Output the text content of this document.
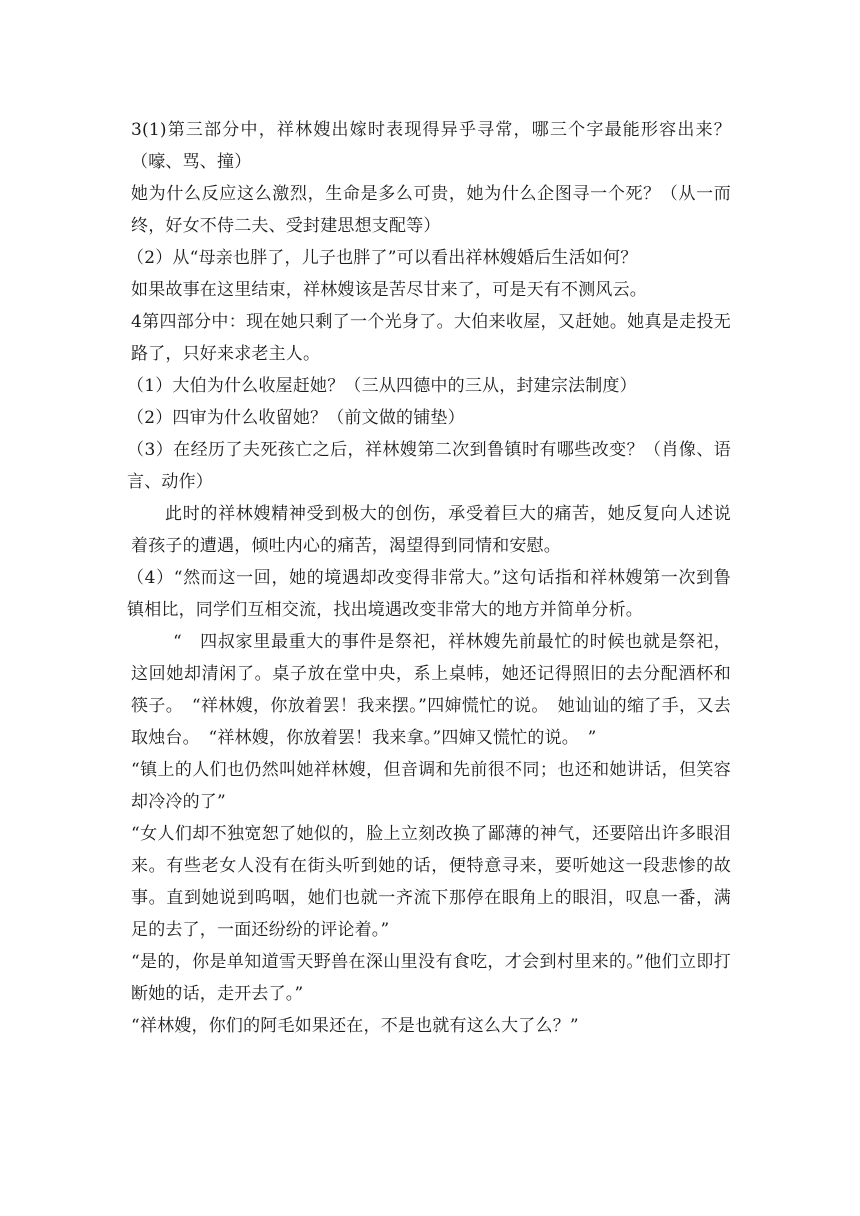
3(1)第三部分中，祥林嫂出嫁时表现得异乎寻常，哪三个字最能形容出来？（嚎、骂、撞）

她为什么反应这么激烈，生命是多么可贵，她为什么企图寻一个死？（从一而终，好女不侍二夫、受封建思想支配等）

（2）从“母亲也胖了，儿子也胖了”可以看出祥林嫂婚后生活如何？

如果故事在这里结束，祥林嫂该是苦尽甘来了，可是天有不测风云。

4第四部分中：现在她只剩了一个光身了。大伯来收屋，又赶她。她真是走投无路了，只好来求老主人。

（1）大伯为什么收屋赶她？（三从四德中的三从，封建宗法制度）

（2）四审为什么收留她？（前文做的铺垫）

（3）在经历了夫死孩亡之后，祥林嫂第二次到鲁镇时有哪些改变？（肖像、语言、动作）

此时的祥林嫂精神受到极大的创伤，承受着巨大的痛苦，她反复向人述说着孩子的遭遇，倾吐内心的痛苦，渴望得到同情和安慰。

（4）“然而这一回，她的境遇却改变得非常大。”这句话指和祥林嫂第一次到鲁镇相比，同学们互相交流，找出境遇改变非常大的地方并简单分析。

“　四叔家里最重大的事件是祭祀，祥林嫂先前最忙的时候也就是祭祀，这回她却清闲了。桌子放在堂中央，系上桌帏，她还记得照旧的去分配酒杯和筷子。　“祥林嫂，你放着罢！我来摆。”四婶慌忙的说。　她讪讪的缩了手，又去取烛台。　“祥林嫂，你放着罢！我来拿。”四婶又慌忙的说。　”

“镇上的人们也仍然叫她祥林嫂，但音调和先前很不同；也还和她讲话，但笑容却冷冷的了”

“女人们却不独宽恕了她似的，脸上立刻改换了鄙薄的神气，还要陪出许多眼泪来。有些老女人没有在街头听到她的话，便特意寻来，要听她这一段悲惨的故事。直到她说到呜咽，她们也就一齐流下那停在眼角上的眼泪，叹息一番，满足的去了，一面还纷纷的评论着。”

“是的，你是单知道雪天野兽在深山里没有食吃，才会到村里来的。”他们立即打断她的话，走开去了。”

“祥林嫂，你们的阿毛如果还在，不是也就有这么大了么？”
